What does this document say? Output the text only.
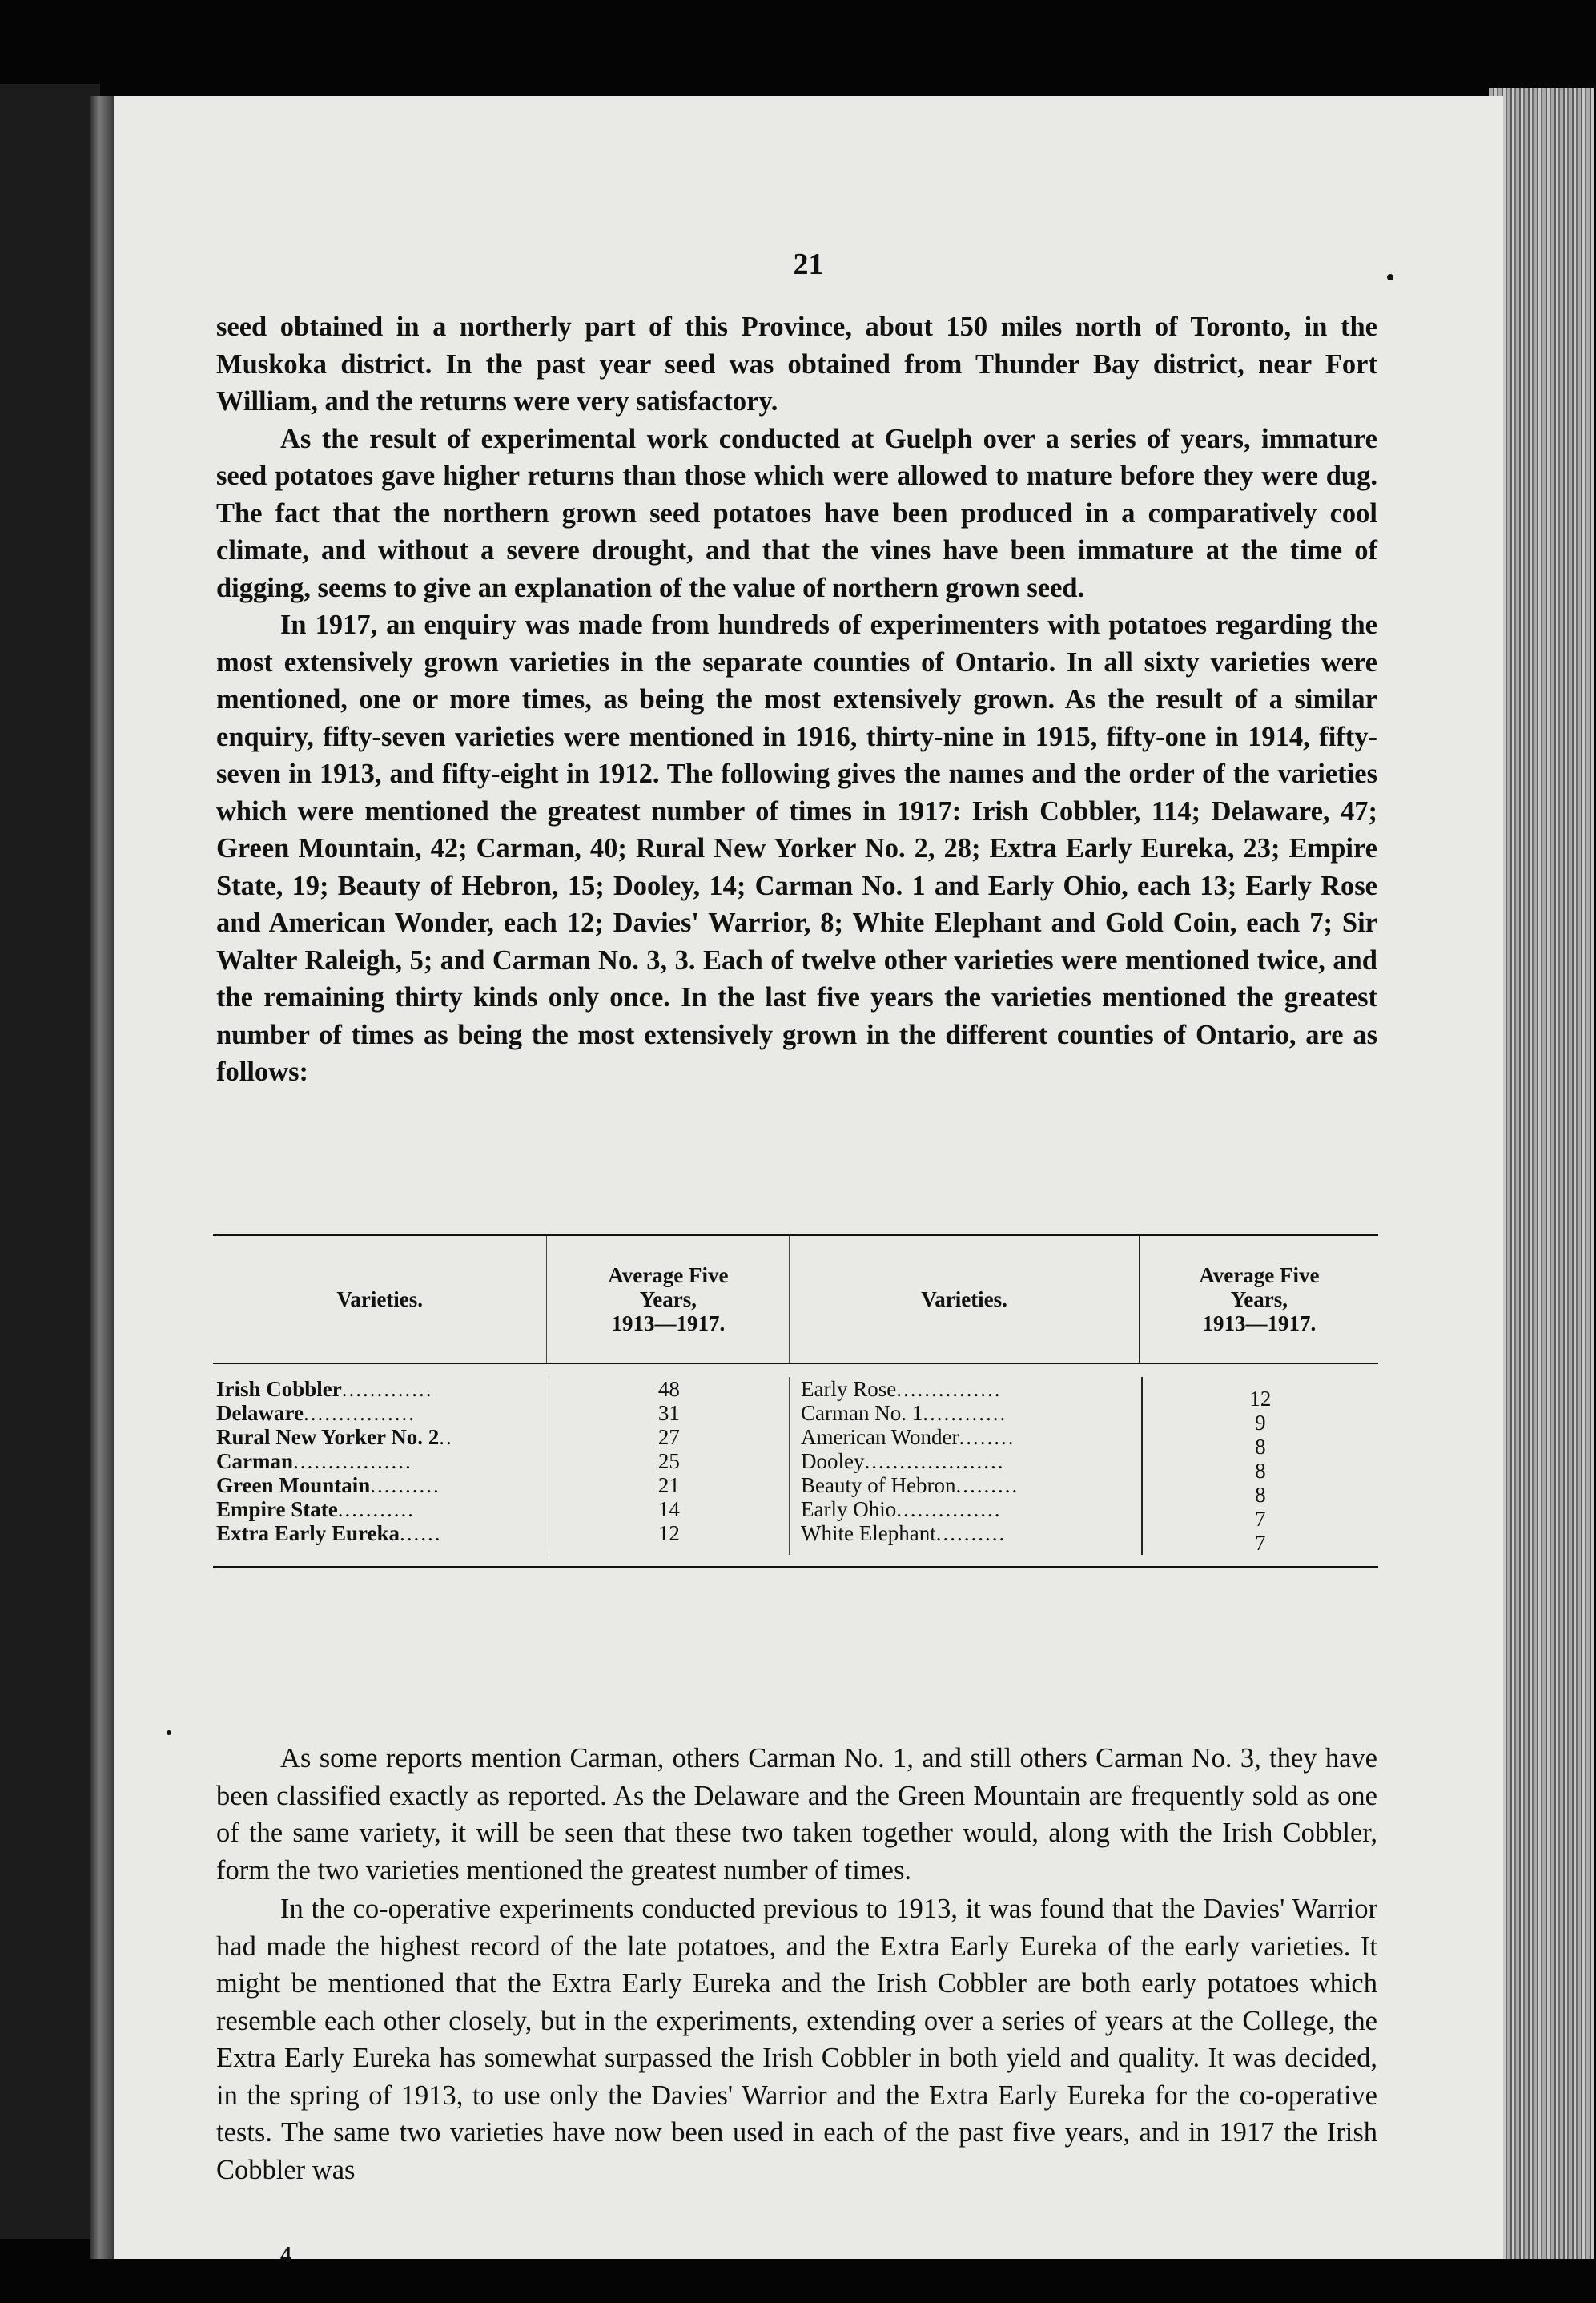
21

seed obtained in a northerly part of this Province, about 150 miles north of Toronto, in the Muskoka district. In the past year seed was obtained from Thunder Bay district, near Fort William, and the returns were very satisfactory.

As the result of experimental work conducted at Guelph over a series of years, immature seed potatoes gave higher returns than those which were allowed to mature before they were dug. The fact that the northern grown seed potatoes have been produced in a comparatively cool climate, and without a severe drought, and that the vines have been immature at the time of digging, seems to give an explanation of the value of northern grown seed.

In 1917, an enquiry was made from hundreds of experimenters with potatoes regarding the most extensively grown varieties in the separate counties of Ontario. In all sixty varieties were mentioned, one or more times, as being the most extensively grown. As the result of a similar enquiry, fifty-seven varieties were mentioned in 1916, thirty-nine in 1915, fifty-one in 1914, fifty-seven in 1913, and fifty-eight in 1912. The following gives the names and the order of the varieties which were mentioned the greatest number of times in 1917: Irish Cobbler, 114; Delaware, 47; Green Mountain, 42; Carman, 40; Rural New Yorker No. 2, 28; Extra Early Eureka, 23; Empire State, 19; Beauty of Hebron, 15; Dooley, 14; Carman No. 1 and Early Ohio, each 13; Early Rose and American Wonder, each 12; Davies' Warrior, 8; White Elephant and Gold Coin, each 7; Sir Walter Raleigh, 5; and Carman No. 3, 3. Each of twelve other varieties were mentioned twice, and the remaining thirty kinds only once. In the last five years the varieties mentioned the greatest number of times as being the most extensively grown in the different counties of Ontario, are as follows:

Varieties.
Average Five
Years,
1913—1917.
Varieties.
Average Five
Years,
1913—1917.
Irish Cobbler.............
Delaware................
Rural New Yorker No. 2..
Carman.................
Green Mountain..........
Empire State...........
Extra Early Eureka......
48
31
27
25
21
14
12
Early Rose...............
Carman No. 1............
American Wonder........
Dooley....................
Beauty of Hebron.........
Early Ohio...............
White Elephant..........
12
9
8
8
8
7
7

As some reports mention Carman, others Carman No. 1, and still others Carman No. 3, they have been classified exactly as reported. As the Delaware and the Green Mountain are frequently sold as one of the same variety, it will be seen that these two taken together would, along with the Irish Cobbler, form the two varieties mentioned the greatest number of times.

In the co-operative experiments conducted previous to 1913, it was found that the Davies' Warrior had made the highest record of the late potatoes, and the Extra Early Eureka of the early varieties. It might be mentioned that the Extra Early Eureka and the Irish Cobbler are both early potatoes which resemble each other closely, but in the experiments, extending over a series of years at the College, the Extra Early Eureka has somewhat surpassed the Irish Cobbler in both yield and quality. It was decided, in the spring of 1913, to use only the Davies' Warrior and the Extra Early Eureka for the co-operative tests. The same two varieties have now been used in each of the past five years, and in 1917 the Irish Cobbler was

4
